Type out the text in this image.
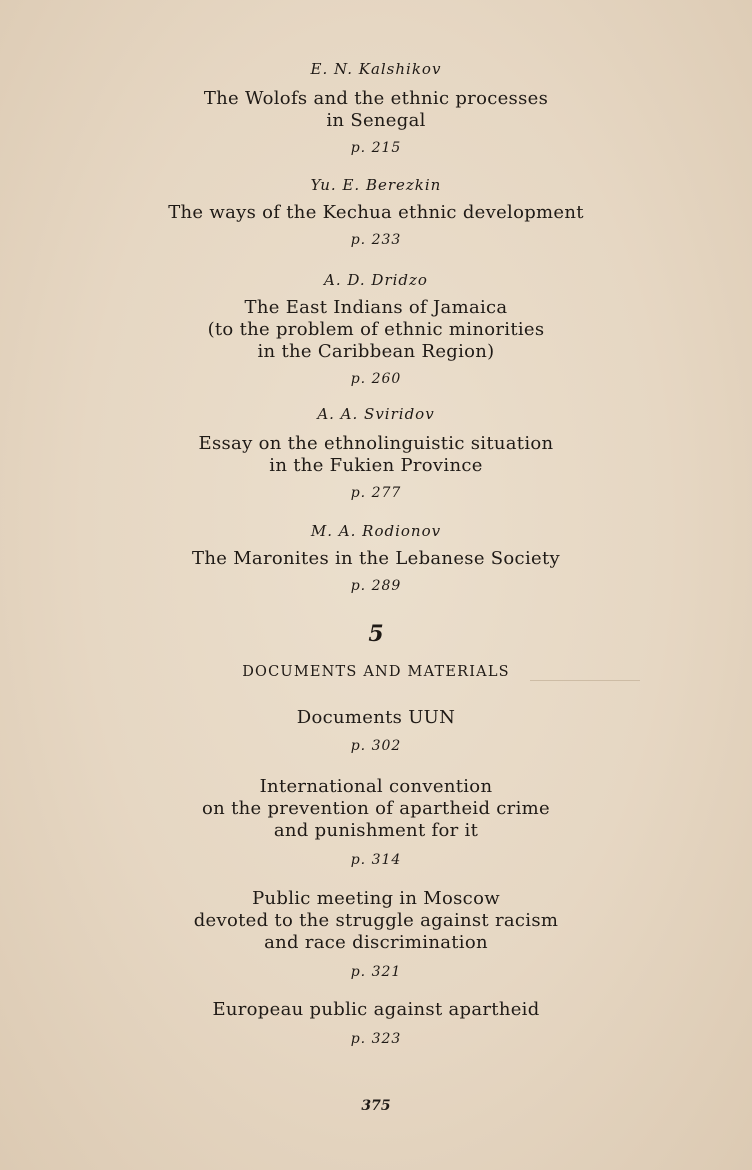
E. N. Kalshikov
The Wolofs and the ethnic processes
in Senegal
p. 215
Yu. E. Berezkin
The ways of the Kechua ethnic development
p. 233
A. D. Dridzo
The East Indians of Jamaica
(to the problem of ethnic minorities
in the Caribbean Region)
p. 260
A. A. Sviridov
Essay on the ethnolinguistic situation
in the Fukien Province
p. 277
M. A. Rodionov
The Maronites in the Lebanese Society
p. 289
5
DOCUMENTS AND MATERIALS
Documents UUN
p. 302
International convention
on the prevention of apartheid crime
and punishment for it
p. 314
Public meeting in Moscow
devoted to the struggle against racism
and race discrimination
p. 321
Europeau public against apartheid
p. 323
375
